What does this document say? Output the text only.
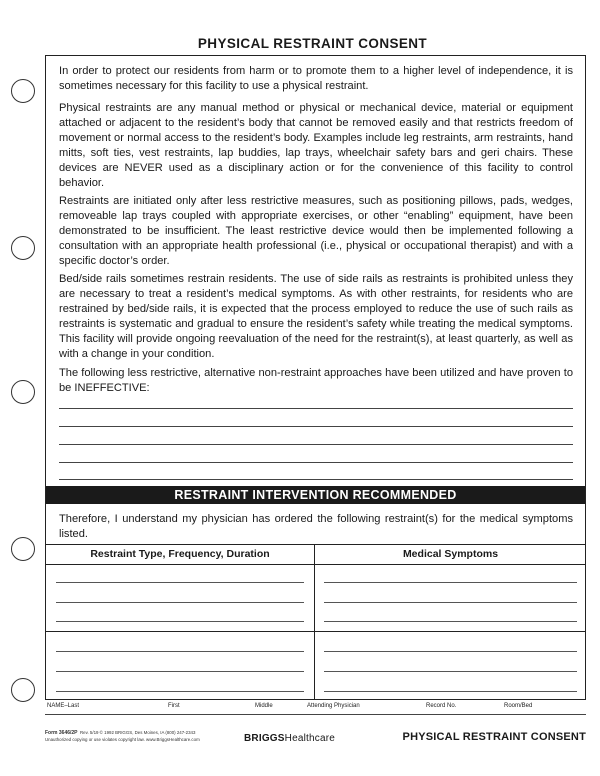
PHYSICAL RESTRAINT CONSENT

In order to protect our residents from harm or to promote them to a higher level of independence, it is sometimes necessary for this facility to use a physical restraint.

Physical restraints are any manual method or physical or mechanical device, material or equipment attached or adjacent to the resident’s body that cannot be removed easily and that restricts freedom of movement or normal access to the resident’s body. Examples include leg restraints, arm restraints, hand mitts, soft ties, vest restraints, lap buddies, lap trays, wheelchair safety bars and geri chairs. These devices are NEVER used as a disciplinary action or for the convenience of this facility to control behavior.

Restraints are initiated only after less restrictive measures, such as positioning pillows, pads, wedges, removeable lap trays coupled with appropriate exercises, or other “enabling” equipment, have been demonstrated to be insufficient. The least restrictive device would then be implemented following a consultation with an appropriate health professional (i.e., physical or occupational therapist) and with a specific doctor’s order.

Bed/side rails sometimes restrain residents. The use of side rails as restraints is prohibited unless they are necessary to treat a resident’s medical symptoms. As with other restraints, for residents who are restrained by bed/side rails, it is expected that the process employed to reduce the use of such rails as restraints is systematic and gradual to ensure the resident’s safety while treating the medical symptoms. This facility will provide ongoing reevaluation of the need for the restraint(s), at least quarterly, as well as with a change in your condition.

The following less restrictive, alternative non-restraint approaches have been utilized and have proven to be INEFFECTIVE:

RESTRAINT INTERVENTION RECOMMENDED

Therefore, I understand my physician has ordered the following restraint(s) for the medical symptoms listed.

Restraint Type, Frequency, Duration	Medical Symptoms
NAME–Last	First	Middle	Attending Physician	Record No.	Room/Bed
Form 3646/2P Rev. 5/19 © 1992 BRIGGS, Des Moines, IA (800) 247-2343
Unauthorized copying or use violates copyright law. www.BriggsHealthcare.com	BRIGGSHealthcare	PHYSICAL RESTRAINT CONSENT
